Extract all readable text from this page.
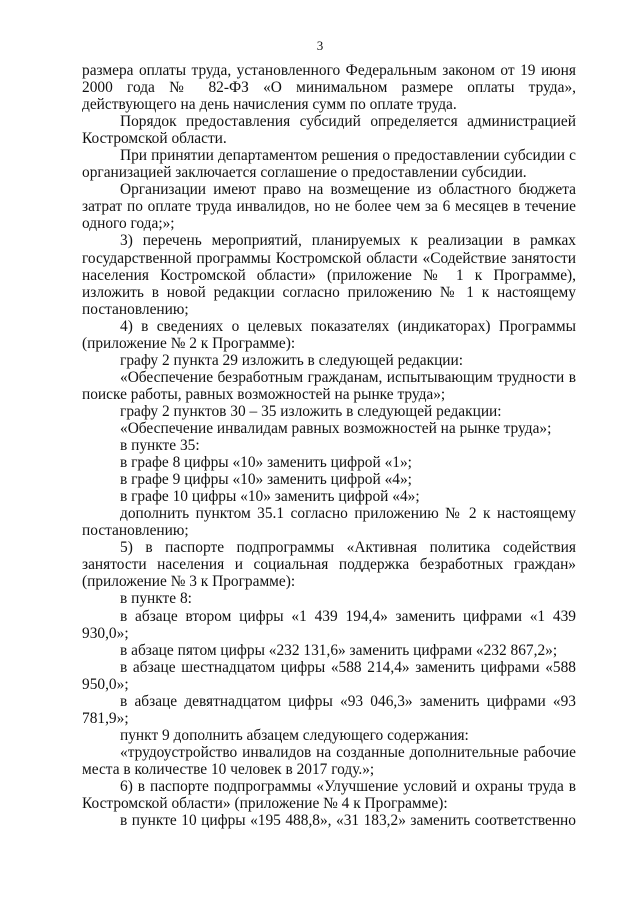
3

размера оплаты труда, установленного Федеральным законом от 19 июня 2000 года № 82-ФЗ «О минимальном размере оплаты труда», действующего на день начисления сумм по оплате труда.

Порядок предоставления субсидий определяется администрацией Костромской области.

При принятии департаментом решения о предоставлении субсидии с организацией заключается соглашение о предоставлении субсидии.

Организации имеют право на возмещение из областного бюджета затрат по оплате труда инвалидов, но не более чем за 6 месяцев в течение одного года;»;

3) перечень мероприятий, планируемых к реализации в рамках государственной программы Костромской области «Содействие занятости населения Костромской области» (приложение № 1 к Программе), изложить в новой редакции согласно приложению № 1 к настоящему постановлению;

4) в сведениях о целевых показателях (индикаторах) Программы (приложение № 2 к Программе):

графу 2 пункта 29 изложить в следующей редакции:

«Обеспечение безработным гражданам, испытывающим трудности в поиске работы, равных возможностей на рынке труда»;

графу 2 пунктов 30 – 35 изложить в следующей редакции:

«Обеспечение инвалидам равных возможностей на рынке труда»;

в пункте 35:

в графе 8 цифры «10» заменить цифрой «1»;

в графе 9 цифры «10» заменить цифрой «4»;

в графе 10 цифры «10» заменить цифрой «4»;

дополнить пунктом 35.1 согласно приложению № 2 к настоящему постановлению;

5) в паспорте подпрограммы «Активная политика содействия занятости населения и социальная поддержка безработных граждан» (приложение № 3 к Программе):

в пункте 8:

в абзаце втором цифры «1 439 194,4» заменить цифрами «1 439 930,0»;

в абзаце пятом цифры «232 131,6» заменить цифрами «232 867,2»;

в абзаце шестнадцатом цифры «588 214,4» заменить цифрами «588 950,0»;

в абзаце девятнадцатом цифры «93 046,3» заменить цифрами «93 781,9»;

пункт 9 дополнить абзацем следующего содержания:

«трудоустройство инвалидов на созданные дополнительные рабочие места в количестве 10 человек в 2017 году.»;

6) в паспорте подпрограммы «Улучшение условий и охраны труда в Костромской области» (приложение № 4 к Программе):

в пункте 10 цифры «195 488,8», «31 183,2» заменить соответственно
